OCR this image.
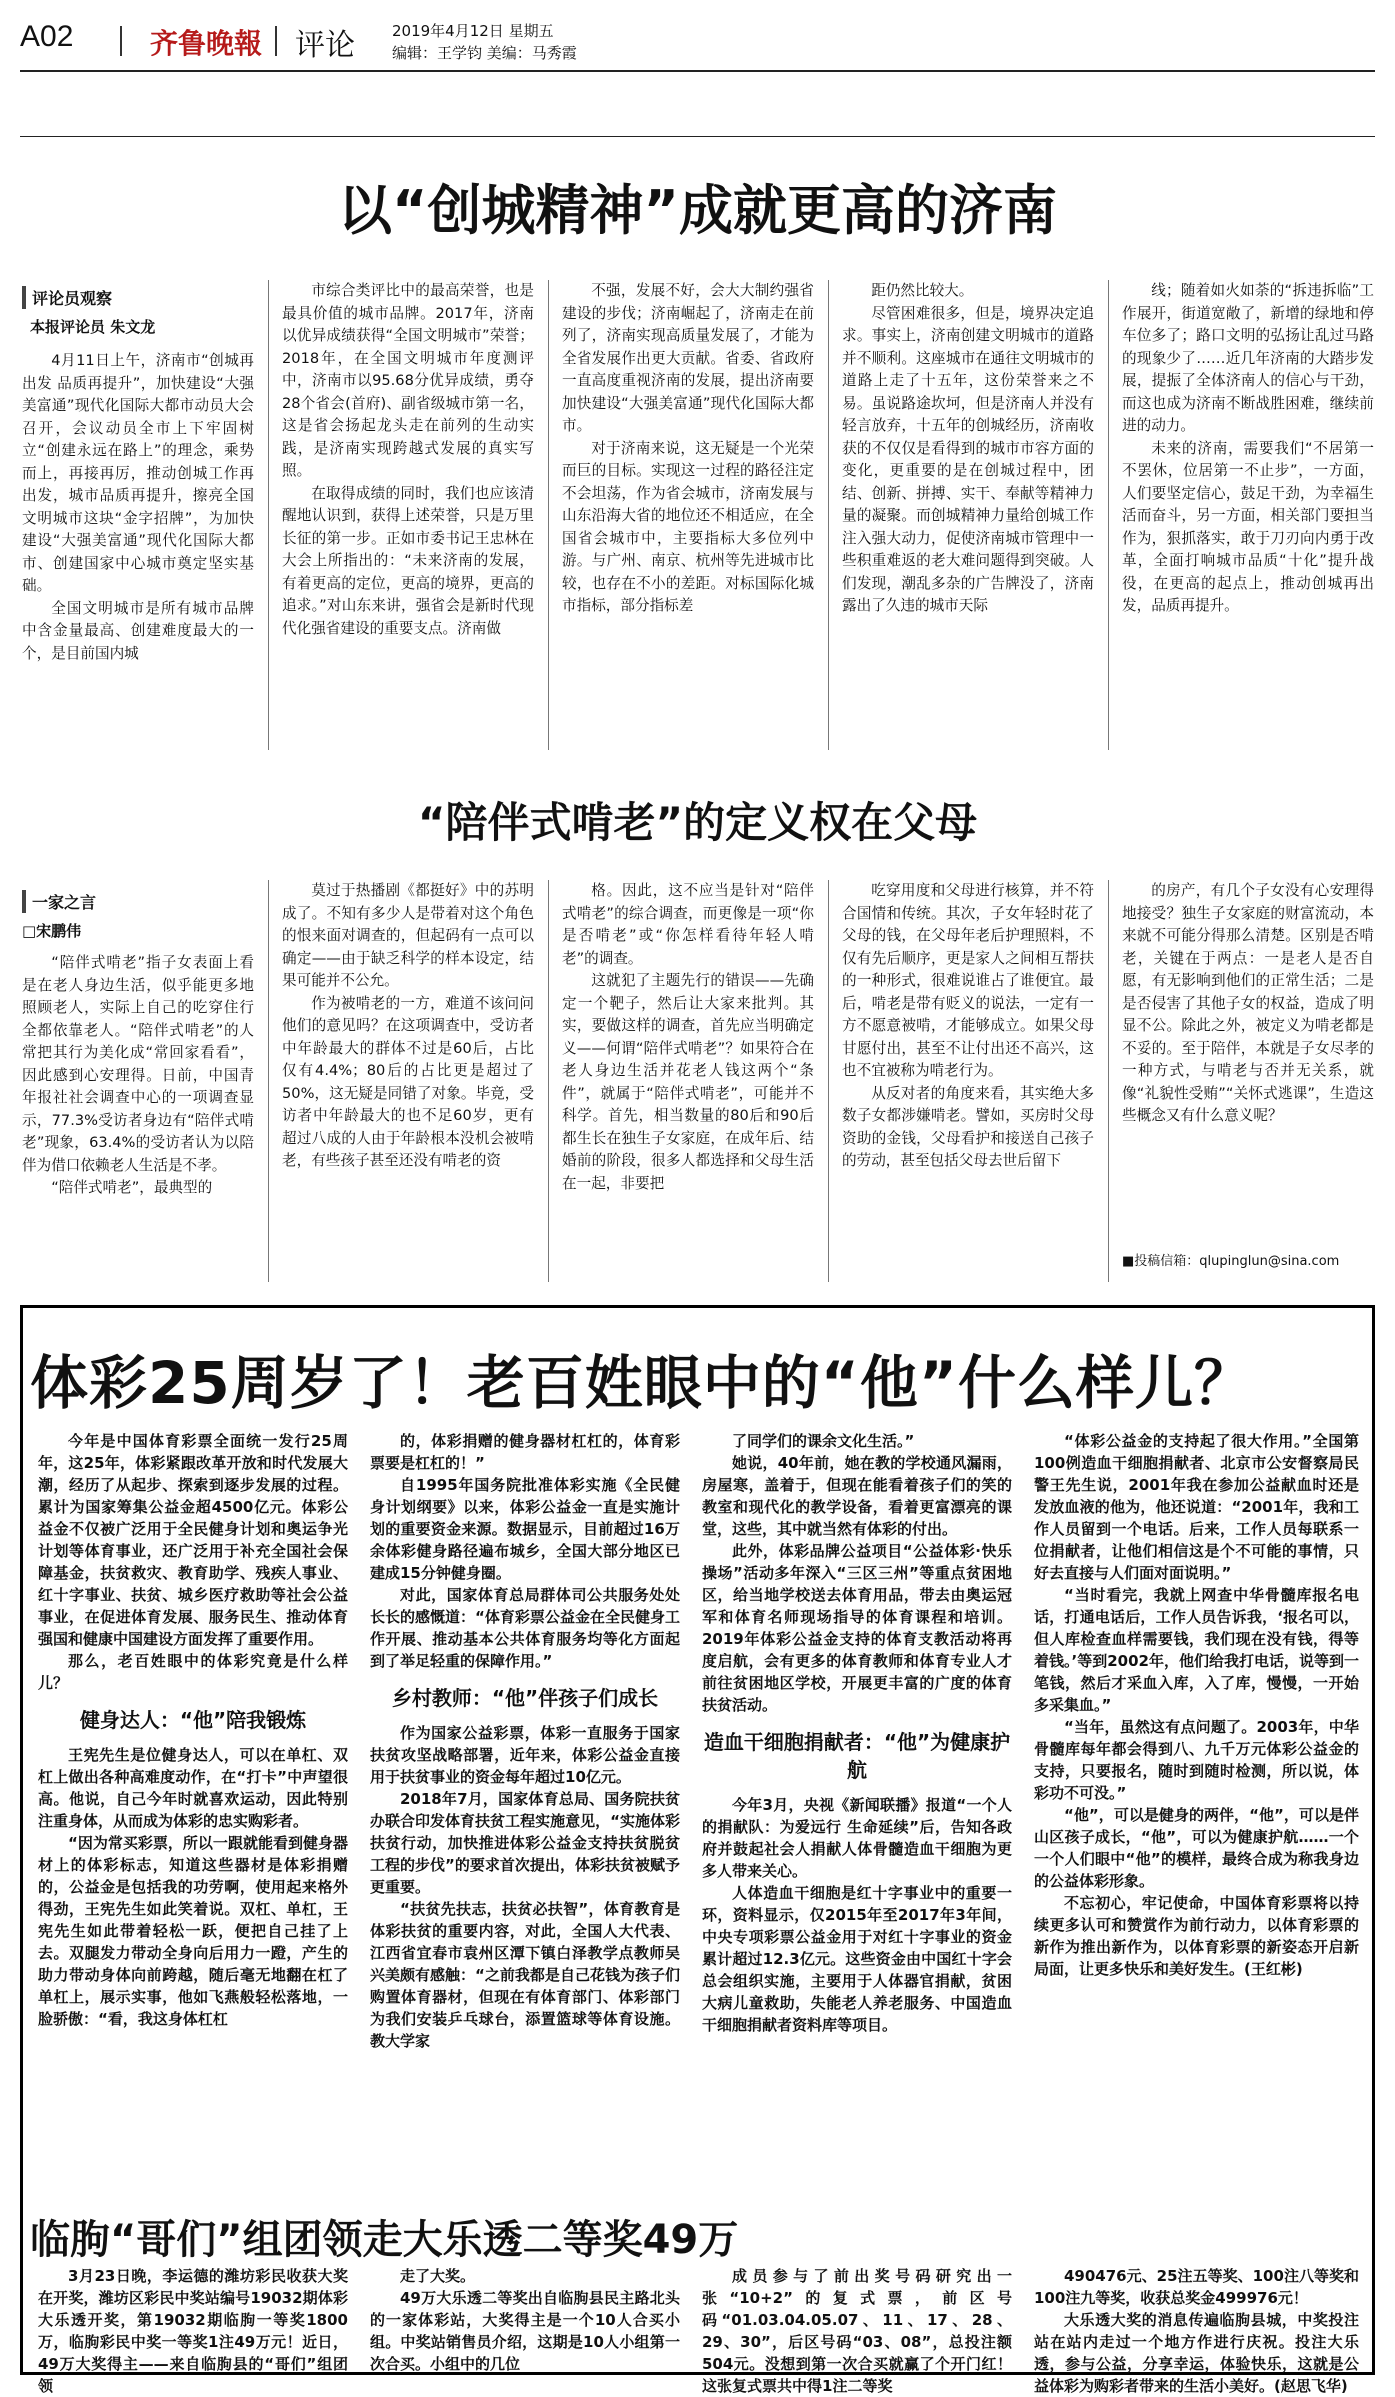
A02	齐鲁晚報 评论 2019年4月12日 星期五
编辑：王学钧 美编：马秀霞
以“创城精神”成就更高的济南
评论员观察
本报评论员 朱文龙

4月11日上午，济南市“创城再出发 品质再提升”，加快建设“大强美富通”现代化国际大都市动员大会召开，会议动员全市上下牢固树立“创建永远在路上”的理念，乘势而上，再接再厉，推动创城工作再出发，城市品质再提升，擦亮全国文明城市这块“金字招牌”，为加快建设“大强美富通”现代化国际大都市、创建国家中心城市奠定坚实基础。

全国文明城市是所有城市品牌中含金量最高、创建难度最大的一个，是目前国内城

市综合类评比中的最高荣誉，也是最具价值的城市品牌。2017年，济南以优异成绩获得“全国文明城市”荣誉；2018年，在全国文明城市年度测评中，济南市以95.68分优异成绩，勇夺28个省会(首府)、副省级城市第一名，这是省会扬起龙头走在前列的生动实践，是济南实现跨越式发展的真实写照。

在取得成绩的同时，我们也应该清醒地认识到，获得上述荣誉，只是万里长征的第一步。正如市委书记王忠林在大会上所指出的：“未来济南的发展，有着更高的定位，更高的境界，更高的追求。”对山东来讲，强省会是新时代现代化强省建设的重要支点。济南做

不强，发展不好，会大大制约强省建设的步伐；济南崛起了，济南走在前列了，济南实现高质量发展了，才能为全省发展作出更大贡献。省委、省政府一直高度重视济南的发展，提出济南要加快建设“大强美富通”现代化国际大都市。

对于济南来说，这无疑是一个光荣而巨的目标。实现这一过程的路径注定不会坦荡，作为省会城市，济南发展与山东沿海大省的地位还不相适应，在全国省会城市中，主要指标大多位列中游。与广州、南京、杭州等先进城市比较，也存在不小的差距。对标国际化城市指标，部分指标差

距仍然比较大。

尽管困难很多，但是，境界决定追求。事实上，济南创建文明城市的道路并不顺利。这座城市在通往文明城市的道路上走了十五年，这份荣誉来之不易。虽说路途坎坷，但是济南人并没有轻言放弃，十五年的创城经历，济南收获的不仅仅是看得到的城市市容方面的变化，更重要的是在创城过程中，团结、创新、拼搏、实干、奉献等精神力量的凝聚。而创城精神力量给创城工作注入强大动力，促使济南城市管理中一些积重难返的老大难问题得到突破。人们发现，潮乱多杂的广告牌没了，济南露出了久违的城市天际

线；随着如火如荼的“拆违拆临”工作展开，街道宽敞了，新增的绿地和停车位多了；路口文明的弘扬让乱过马路的现象少了……近几年济南的大踏步发展，提振了全体济南人的信心与干劲，而这也成为济南不断战胜困难，继续前进的动力。

未来的济南，需要我们“不居第一不罢休，位居第一不止步”，一方面，人们要坚定信心，鼓足干劲，为幸福生活而奋斗，另一方面，相关部门要担当作为，狠抓落实，敢于刀刃向内勇于改革，全面打响城市品质“十化”提升战役，在更高的起点上，推动创城再出发，品质再提升。

“陪伴式啃老”的定义权在父母
一家之言
□宋鹏伟

“陪伴式啃老”指子女表面上看是在老人身边生活，似乎能更多地照顾老人，实际上自己的吃穿住行全都依靠老人。“陪伴式啃老”的人常把其行为美化成“常回家看看”，因此感到心安理得。日前，中国青年报社社会调查中心的一项调查显示，77.3%受访者身边有“陪伴式啃老”现象，63.4%的受访者认为以陪伴为借口依赖老人生活是不孝。

“陪伴式啃老”，最典型的

莫过于热播剧《都挺好》中的苏明成了。不知有多少人是带着对这个角色的恨来面对调查的，但起码有一点可以确定——由于缺乏科学的样本设定，结果可能并不公允。

作为被啃老的一方，难道不该问问他们的意见吗？在这项调查中，受访者中年龄最大的群体不过是60后，占比仅有4.4%；80后的占比更是超过了50%，这无疑是同错了对象。毕竟，受访者中年龄最大的也不足60岁，更有超过八成的人由于年龄根本没机会被啃老，有些孩子甚至还没有啃老的资

格。因此，这不应当是针对“陪伴式啃老”的综合调查，而更像是一项“你是否啃老”或“你怎样看待年轻人啃老”的调查。

这就犯了主题先行的错误——先确定一个靶子，然后让大家来批判。其实，要做这样的调查，首先应当明确定义——何谓“陪伴式啃老”？如果符合在老人身边生活并花老人钱这两个“条件”，就属于“陪伴式啃老”，可能并不科学。首先，相当数量的80后和90后都生长在独生子女家庭，在成年后、结婚前的阶段，很多人都选择和父母生活在一起，非要把

吃穿用度和父母进行核算，并不符合国情和传统。其次，子女年轻时花了父母的钱，在父母年老后护理照料，不仅有先后顺序，更是家人之间相互帮扶的一种形式，很难说谁占了谁便宜。最后，啃老是带有贬义的说法，一定有一方不愿意被啃，才能够成立。如果父母甘愿付出，甚至不让付出还不高兴，这也不宜被称为啃老行为。

从反对者的角度来看，其实绝大多数子女都涉嫌啃老。譬如，买房时父母资助的金钱，父母看护和接送自己孩子的劳动，甚至包括父母去世后留下

的房产，有几个子女没有心安理得地接受？独生子女家庭的财富流动，本来就不可能分得那么清楚。区别是否啃老，关键在于两点：一是老人是否自愿，有无影响到他们的正常生活；二是是否侵害了其他子女的权益，造成了明显不公。除此之外，被定义为啃老都是不妥的。至于陪伴，本就是子女尽孝的一种方式，与啃老与否并无关系，就像“礼貌性受贿”“关怀式逃课”，生造这些概念又有什么意义呢？

■投稿信箱：qlupinglun@sina.com
体彩25周岁了！老百姓眼中的“他”什么样儿？

今年是中国体育彩票全面统一发行25周年，这25年，体彩紧跟改革开放和时代发展大潮，经历了从起步、探索到逐步发展的过程。累计为国家筹集公益金超4500亿元。体彩公益金不仅被广泛用于全民健身计划和奥运争光计划等体育事业，还广泛用于补充全国社会保障基金，扶贫救灾、教育助学、残疾人事业、红十字事业、扶贫、城乡医疗救助等社会公益事业，在促进体育发展、服务民生、推动体育强国和健康中国建设方面发挥了重要作用。

那么，老百姓眼中的体彩究竟是什么样儿？

健身达人：“他”陪我锻炼

王宪先生是位健身达人，可以在单杠、双杠上做出各种高难度动作，在“打卡”中声望很高。他说，自己今年时就喜欢运动，因此特别注重身体，从而成为体彩的忠实购彩者。

“因为常买彩票，所以一跟就能看到健身器材上的体彩标志，知道这些器材是体彩捐赠的，公益金是包括我的功劳啊，使用起来格外得劲，王宪先生如此笑着说。双杠、单杠，王宪先生如此带着轻松一跃，便把自己挂了上去。双腿发力带动全身向后用力一蹬，产生的助力带动身体向前跨越，随后毫无地翻在杠了单杠上，展示实事，他如飞燕般轻松落地，一脸骄傲：“看，我这身体杠杠

的，体彩捐赠的健身器材杠杠的，体育彩票要是杠杠的！”

自1995年国务院批准体彩实施《全民健身计划纲要》以来，体彩公益金一直是实施计划的重要资金来源。数据显示，目前超过16万余体彩健身路径遍布城乡，全国大部分地区已建成15分钟健身圈。

对此，国家体育总局群体司公共服务处处长长的感慨道：“体育彩票公益金在全民健身工作开展、推动基本公共体育服务均等化方面起到了举足轻重的保障作用。”

乡村教师：“他”伴孩子们成长

作为国家公益彩票，体彩一直服务于国家扶贫攻坚战略部署，近年来，体彩公益金直接用于扶贫事业的资金每年超过10亿元。

2018年7月，国家体育总局、国务院扶贫办联合印发体育扶贫工程实施意见，“实施体彩扶贫行动，加快推进体彩公益金支持扶贫脱贫工程的步伐”的要求首次提出，体彩扶贫被赋予更重要。

“扶贫先扶志，扶贫必扶智”，体育教育是体彩扶贫的重要内容，对此，全国人大代表、江西省宜春市袁州区潭下镇白泽教学点教师吴兴美颇有感触：“之前我都是自己花钱为孩子们购置体育器材，但现在有体育部门、体彩部门为我们安装乒乓球台，添置篮球等体育设施。教大学家

了同学们的课余文化生活。”

她说，40年前，她在教的学校通风漏雨，房屋寒，盖着于，但现在能看着孩子们的笑的教室和现代化的教学设备，看着更富漂亮的课堂，这些，其中就当然有体彩的付出。

此外，体彩品牌公益项目“公益体彩·快乐操场”活动多年深入“三区三州”等重点贫困地区，给当地学校送去体育用品，带去由奥运冠军和体育名师现场指导的体育课程和培训。2019年体彩公益金支持的体育支教活动将再度启航，会有更多的体育教师和体育专业人才前往贫困地区学校，开展更丰富的广度的体育扶贫活动。

造血干细胞捐献者：“他”为健康护航

今年3月，央视《新闻联播》报道“一个人的捐献队：为爱远行 生命延续”后，告知各政府并鼓起社会人捐献人体骨髓造血干细胞为更多人带来关心。

人体造血干细胞是红十字事业中的重要一环，资料显示，仅2015年至2017年3年间，中央专项彩票公益金用于对红十字事业的资金累计超过12.3亿元。这些资金由中国红十字会总会组织实施，主要用于人体器官捐献，贫困大病儿童救助，失能老人养老服务、中国造血干细胞捐献者资料库等项目。

“体彩公益金的支持起了很大作用。”全国第100例造血干细胞捐献者、北京市公安督察局民警王先生说，2001年我在参加公益献血时还是发放血液的他为，他还说道：“2001年，我和工作人员留到一个电话。后来，工作人员每联系一位捐献者，让他们相信这是个不可能的事情，只好去直接与人们面对面说明。”

“当时看完，我就上网查中华骨髓库报名电话，打通电话后，工作人员告诉我，‘报名可以，但人库检查血样需要钱，我们现在没有钱，得等着钱。’等到2002年，他们给我打电话，说等到一笔钱，然后才采血入库，入了库，慢慢，一开始多采集血。”

“当年，虽然这有点问题了。2003年，中华骨髓库每年都会得到八、九千万元体彩公益金的支持，只要报名，随时到随时检测，所以说，体彩功不可没。”

“他”，可以是健身的两伴，“他”，可以是伴山区孩子成长，“他”，可以为健康护航……一个一个人们眼中“他”的模样，最终合成为称我身边的公益体彩形象。

不忘初心，牢记使命，中国体育彩票将以持续更多认可和赞赏作为前行动力，以体育彩票的新作为推出新作为，以体育彩票的新姿态开启新局面，让更多快乐和美好发生。(王红彬)

临朐“哥们”组团领走大乐透二等奖49万

3月23日晚，李运德的潍坊彩民收获大奖在开奖，潍坊区彩民中奖站编号19032期体彩大乐透开奖，第19032期临朐一等奖1800万，临朐彩民中奖一等奖1注49万元！近日，49万大奖得主——来自临朐县的“哥们”组团领

走了大奖。

49万大乐透二等奖出自临朐县民主路北头的一家体彩站，大奖得主是一个10人合买小组。中奖站销售员介绍，这期是10人小组第一次合买。小组中的几位

成员参与了前出奖号码研究出一张“10+2”的复式票，前区号码“01.03.04.05.07、11、17、28、29、30”，后区号码“03、08”，总投注额504元。没想到第一次合买就赢了个开门红！这张复式票共中得1注二等奖

490476元、25注五等奖、100注八等奖和100注九等奖，收获总奖金499976元！

大乐透大奖的消息传遍临朐县城，中奖投注站在站内走过一个地方作进行庆祝。投注大乐透，参与公益，分享幸运，体验快乐，这就是公益体彩为购彩者带来的生活小美好。(赵思飞华)
